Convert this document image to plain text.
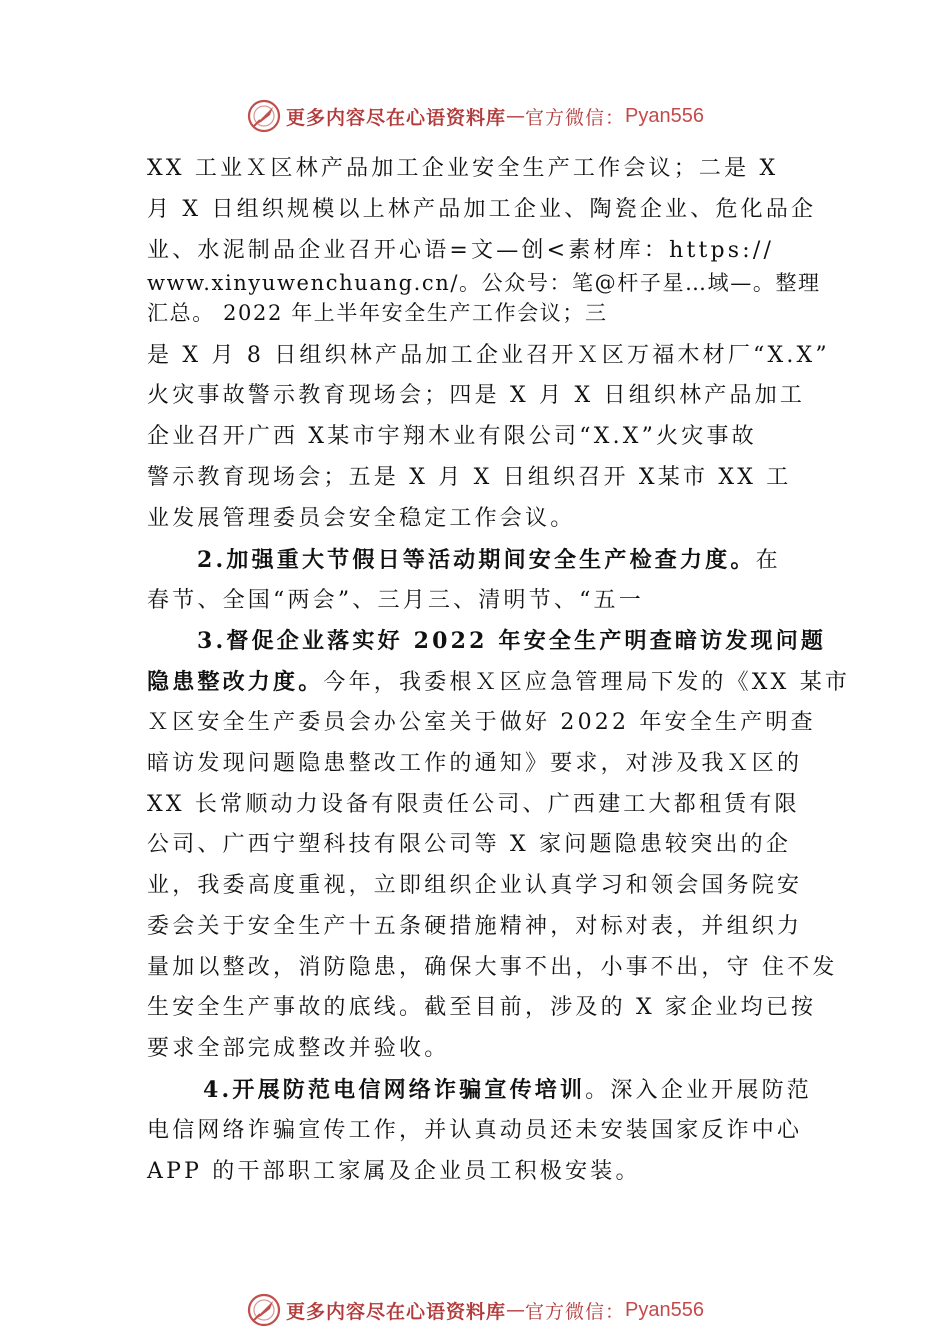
更多内容尽在心语资料库 — 官方微信： Pyan556
XX 工业Ｘ区林产品加工企业安全生产工作会议；二是 X
月 X 日组织规模以上林产品加工企业、陶瓷企业、危化品企
业、水泥制品企业召开心语=文—创<素材库：https://
www.xinyuwenchuang.cn/。公众号：笔@杆子星…域—。整理
汇总。 2022 年上半年安全生产工作会议；三
是 X 月 8 日组织林产品加工企业召开Ｘ区万福木材厂“X.X”
火灾事故警示教育现场会；四是 X 月 X 日组织林产品加工
企业召开广西 X某市宇翔木业有限公司“X.X”火灾事故
警示教育现场会；五是 X 月 X 日组织召开 X某市 XX 工
业发展管理委员会安全稳定工作会议。
2.加强重大节假日等活动期间安全生产检查力度。在
春节、全国“两会”、三月三、清明节、“五一
3.督促企业落实好 2022 年安全生产明查暗访发现问题
隐患整改力度。今年，我委根Ｘ区应急管理局下发的《XX 某市
Ｘ区安全生产委员会办公室关于做好 2022 年安全生产明查
暗访发现问题隐患整改工作的通知》要求，对涉及我Ｘ区的
XX 长常顺动力设备有限责任公司、广西建工大都租赁有限
公司、广西宁塑科技有限公司等 X 家问题隐患较突出的企
业，我委高度重视，立即组织企业认真学习和领会国务院安
委会关于安全生产十五条硬措施精神，对标对表，并组织力
量加以整改，消防隐患，确保大事不出，小事不出，守 住不发
生安全生产事故的底线。截至目前，涉及的 X 家企业均已按
要求全部完成整改并验收。
4.开展防范电信网络诈骗宣传培训。深入企业开展防范
电信网络诈骗宣传工作，并认真动员还未安装国家反诈中心
APP 的干部职工家属及企业员工积极安装。
更多内容尽在心语资料库 — 官方微信： Pyan556
